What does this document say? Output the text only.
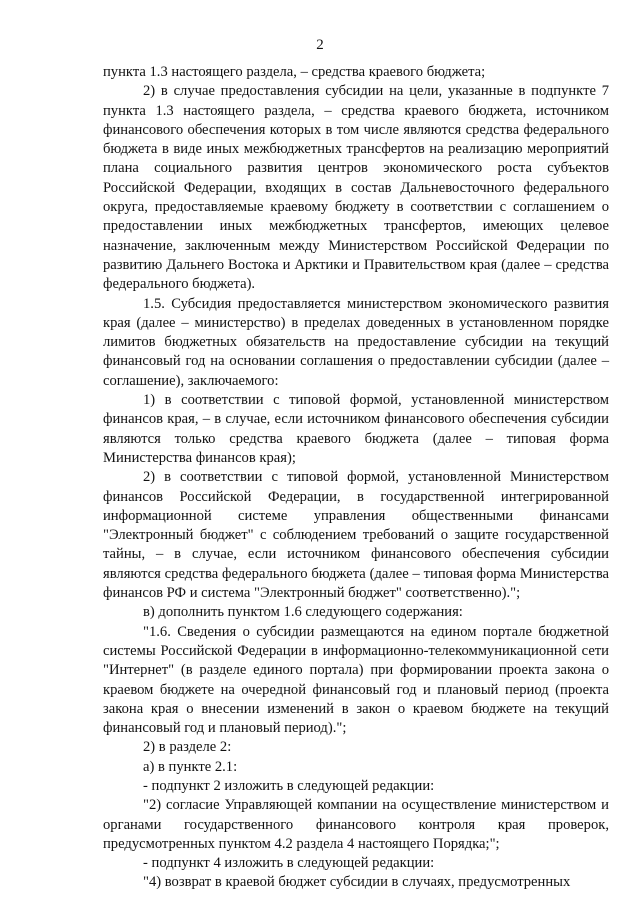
2

пункта 1.3 настоящего раздела, – средства краевого бюджета;

2) в случае предоставления субсидии на цели, указанные в подпункте 7 пункта 1.3 настоящего раздела, – средства краевого бюджета, источником финансового обеспечения которых в том числе являются средства федерального бюджета в виде иных межбюджетных трансфертов на реализацию мероприятий плана социального развития центров экономического роста субъектов Российской Федерации, входящих в состав Дальневосточного федерального округа, предоставляемые краевому бюджету в соответствии с соглашением о предоставлении иных межбюджетных трансфертов, имеющих целевое назначение, заключенным между Министерством Российской Федерации по развитию Дальнего Востока и Арктики и Правительством края (далее – средства федерального бюджета).

1.5. Субсидия предоставляется министерством экономического развития края (далее – министерство) в пределах доведенных в установленном порядке лимитов бюджетных обязательств на предоставление субсидии на текущий финансовый год на основании соглашения о предоставлении субсидии (далее – соглашение), заключаемого:

1) в соответствии с типовой формой, установленной министерством финансов края, – в случае, если источником финансового обеспечения субсидии являются только средства краевого бюджета (далее – типовая форма Министерства финансов края);

2) в соответствии с типовой формой, установленной Министерством финансов Российской Федерации, в государственной интегрированной информационной системе управления общественными финансами "Электронный бюджет" с соблюдением требований о защите государственной тайны, – в случае, если источником финансового обеспечения субсидии являются средства федерального бюджета (далее – типовая форма Министерства финансов РФ и система "Электронный бюджет" соответственно).";

в) дополнить пунктом 1.6 следующего содержания:

"1.6. Сведения о субсидии размещаются на едином портале бюджетной системы Российской Федерации в информационно-телекоммуникационной сети "Интернет" (в разделе единого портала) при формировании проекта закона о краевом бюджете на очередной финансовый год и плановый период (проекта закона края о внесении изменений в закон о краевом бюджете на текущий финансовый год и плановый период).";

2) в разделе 2:

а) в пункте 2.1:

- подпункт 2 изложить в следующей редакции:

"2) согласие Управляющей компании на осуществление министерством и органами государственного финансового контроля края проверок, предусмотренных пунктом 4.2 раздела 4 настоящего Порядка;";

- подпункт 4 изложить в следующей редакции:

"4) возврат в краевой бюджет субсидии в случаях, предусмотренных
